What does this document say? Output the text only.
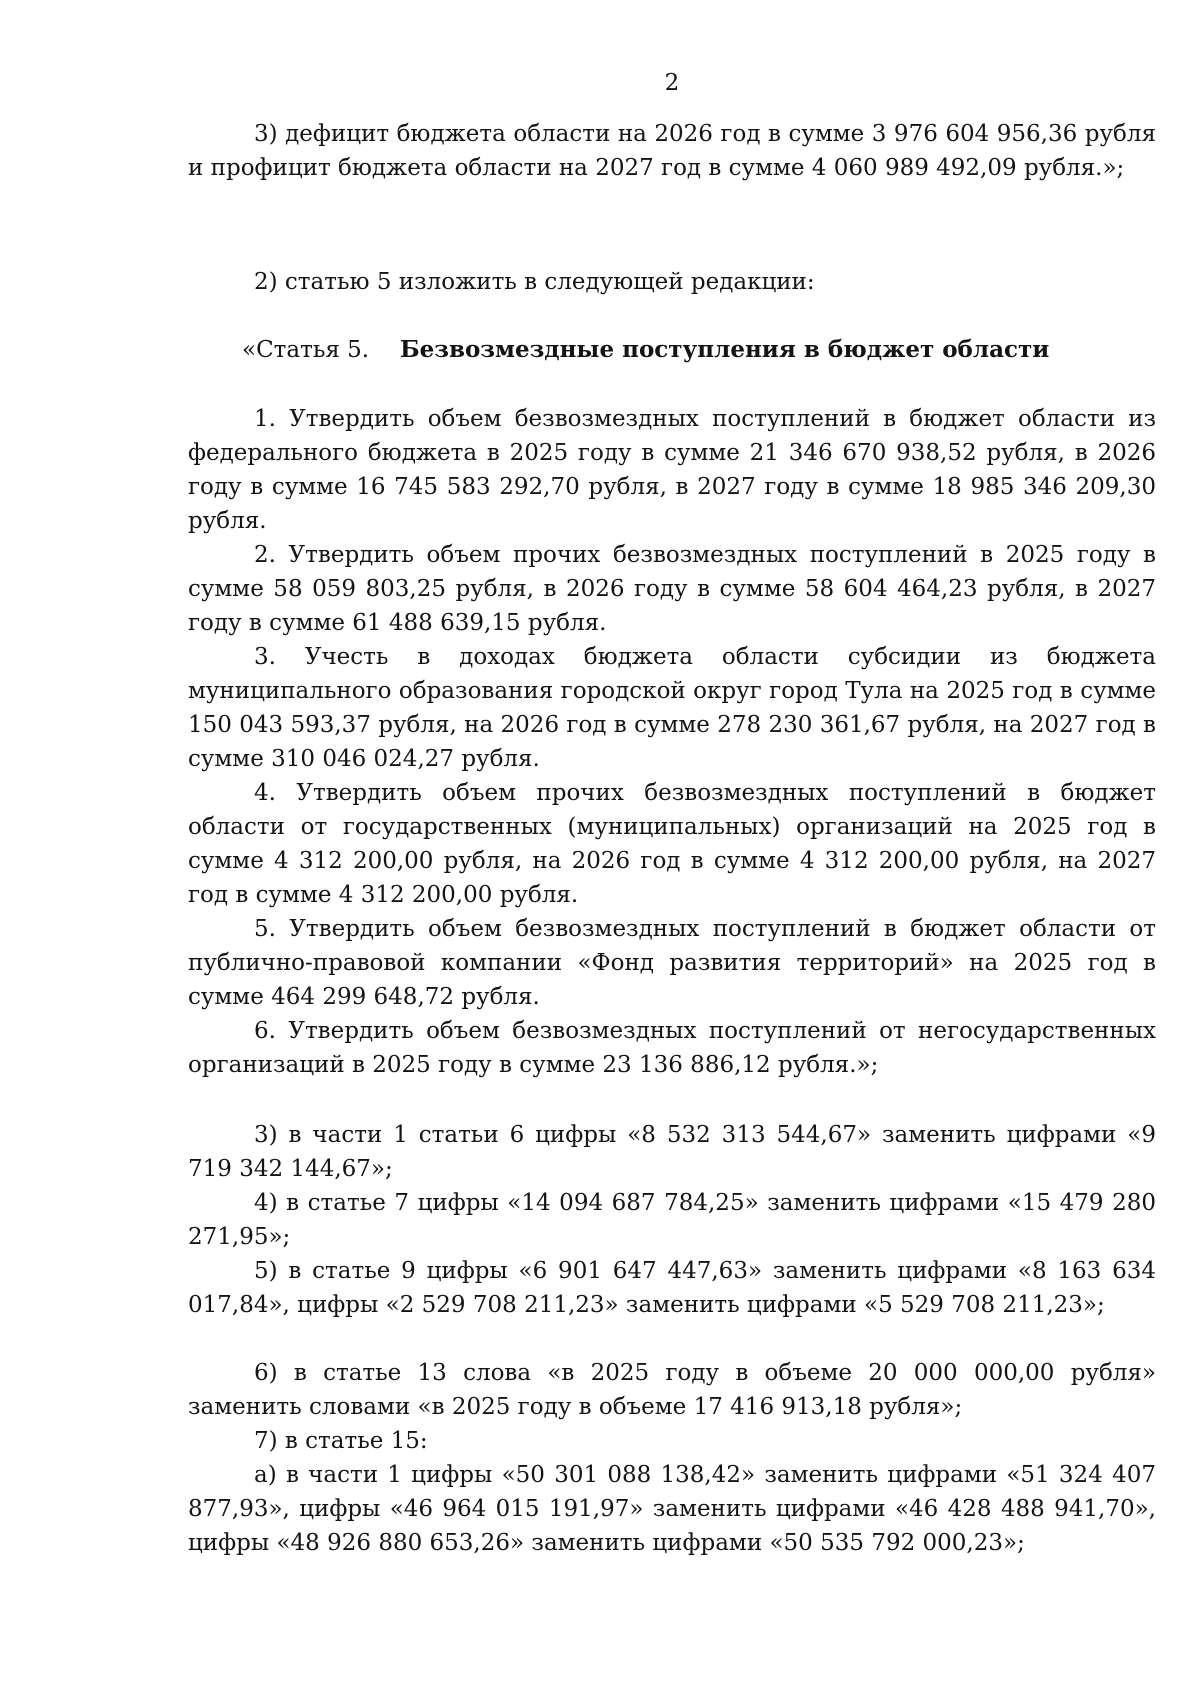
2

3) дефицит бюджета области на 2026 год в сумме 3 976 604 956,36 рубля и профицит бюджета области на 2027 год в сумме 4 060 989 492,09 рубля.»;

2) статью 5 изложить в следующей редакции:

«Статья 5. Безвозмездные поступления в бюджет области

1. Утвердить объем безвозмездных поступлений в бюджет области из федерального бюджета в 2025 году в сумме 21 346 670 938,52 рубля, в 2026 году в сумме 16 745 583 292,70 рубля, в 2027 году в сумме 18 985 346 209,30 рубля.

2. Утвердить объем прочих безвозмездных поступлений в 2025 году в сумме 58 059 803,25 рубля, в 2026 году в сумме 58 604 464,23 рубля, в 2027 году в сумме 61 488 639,15 рубля.

3. Учесть в доходах бюджета области субсидии из бюджета муниципального образования городской округ город Тула на 2025 год в сумме 150 043 593,37 рубля, на 2026 год в сумме 278 230 361,67 рубля, на 2027 год в сумме 310 046 024,27 рубля.

4. Утвердить объем прочих безвозмездных поступлений в бюджет области от государственных (муниципальных) организаций на 2025 год в сумме 4 312 200,00 рубля, на 2026 год в сумме 4 312 200,00 рубля, на 2027 год в сумме 4 312 200,00 рубля.

5. Утвердить объем безвозмездных поступлений в бюджет области от публично-правовой компании «Фонд развития территорий» на 2025 год в сумме 464 299 648,72 рубля.

6. Утвердить объем безвозмездных поступлений от негосударственных организаций в 2025 году в сумме 23 136 886,12 рубля.»;

3) в части 1 статьи 6 цифры «8 532 313 544,67» заменить цифрами «9 719 342 144,67»;

4) в статье 7 цифры «14 094 687 784,25» заменить цифрами «15 479 280 271,95»;

5) в статье 9 цифры «6 901 647 447,63» заменить цифрами «8 163 634 017,84», цифры «2 529 708 211,23» заменить цифрами «5 529 708 211,23»;

6) в статье 13 слова «в 2025 году в объеме 20 000 000,00 рубля» заменить словами «в 2025 году в объеме 17 416 913,18 рубля»;

7) в статье 15:

а) в части 1 цифры «50 301 088 138,42» заменить цифрами «51 324 407 877,93», цифры «46 964 015 191,97» заменить цифрами «46 428 488 941,70», цифры «48 926 880 653,26» заменить цифрами «50 535 792 000,23»;
